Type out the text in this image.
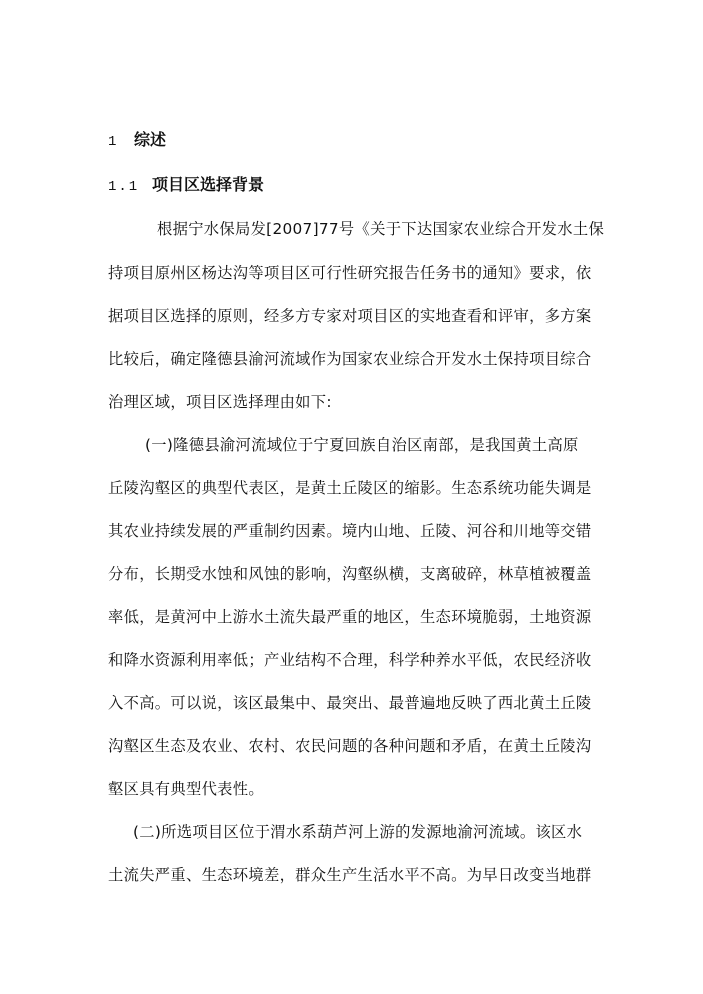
1 综述
1.1 项目区选择背景
根据宁水保局发[2007]77号《关于下达国家农业综合开发水土保
持项目原州区杨达沟等项目区可行性研究报告任务书的通知》要求，依
据项目区选择的原则，经多方专家对项目区的实地查看和评审，多方案
比较后，确定隆德县渝河流域作为国家农业综合开发水土保持项目综合
治理区域，项目区选择理由如下:
(一)隆德县渝河流域位于宁夏回族自治区南部，是我国黄土高原
丘陵沟壑区的典型代表区，是黄土丘陵区的缩影。生态系统功能失调是
其农业持续发展的严重制约因素。境内山地、丘陵、河谷和川地等交错
分布，长期受水蚀和风蚀的影响，沟壑纵横，支离破碎，林草植被覆盖
率低，是黄河中上游水土流失最严重的地区，生态环境脆弱，土地资源
和降水资源利用率低；产业结构不合理，科学种养水平低，农民经济收
入不高。可以说，该区最集中、最突出、最普遍地反映了西北黄土丘陵
沟壑区生态及农业、农村、农民问题的各种问题和矛盾，在黄土丘陵沟
壑区具有典型代表性。
(二)所选项目区位于渭水系葫芦河上游的发源地渝河流域。该区水
土流失严重、生态环境差，群众生产生活水平不高。为早日改变当地群
